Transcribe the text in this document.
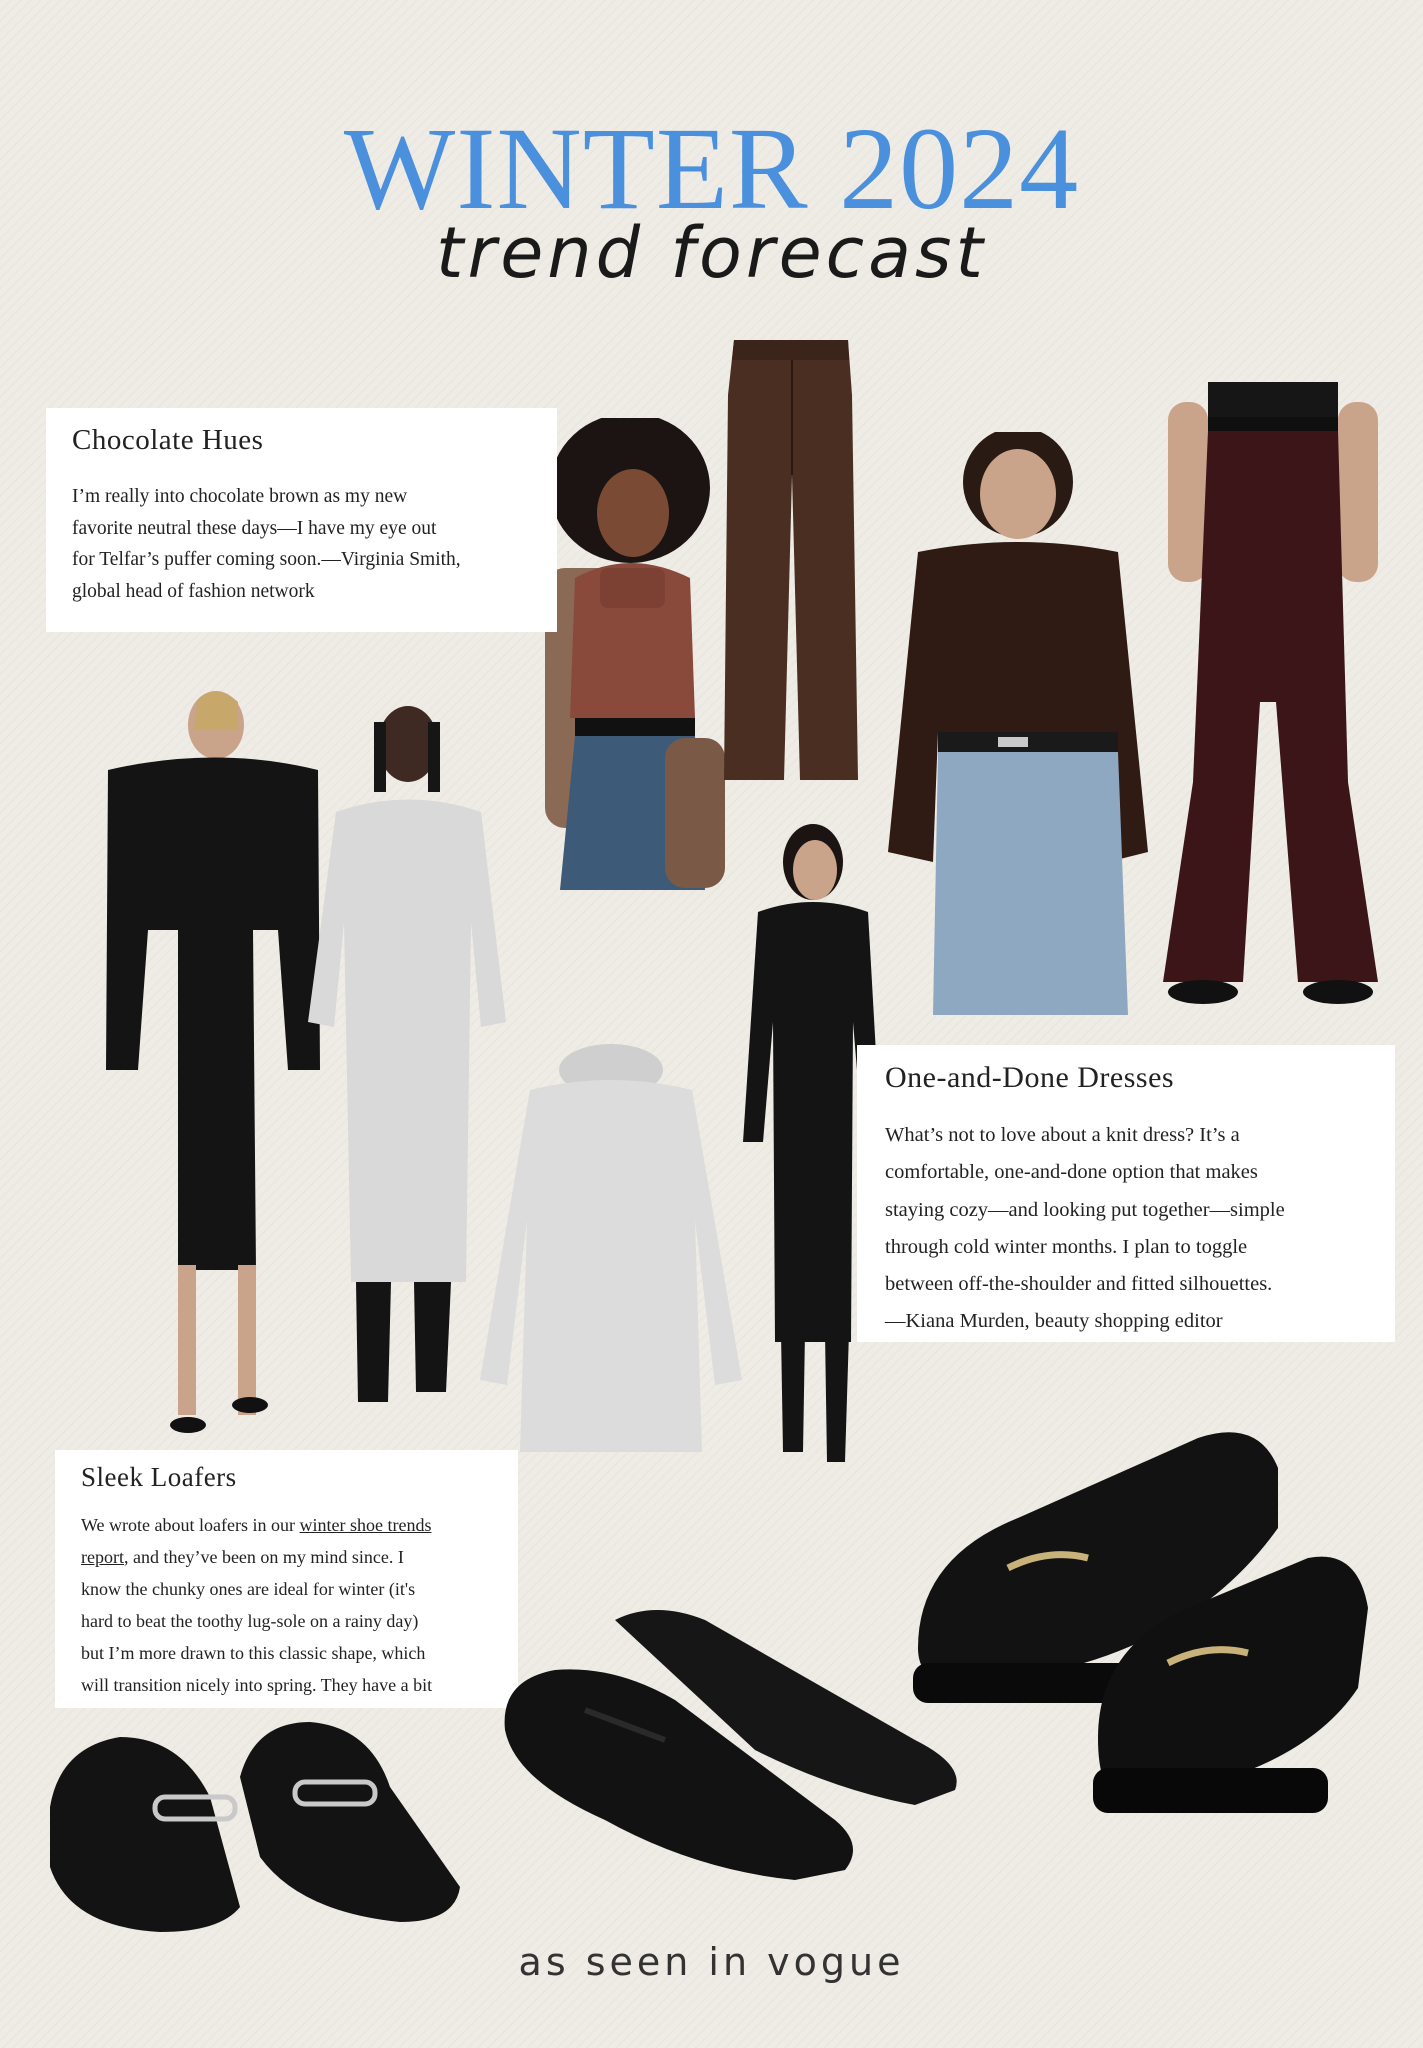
WINTER 2024
trend forecast

Chocolate Hues

I’m really into chocolate brown as my new
favorite neutral these days—I have my eye out
for Telfar’s puffer coming soon.—Virginia Smith,
global head of fashion network

One-and-Done Dresses

What’s not to love about a knit dress? It’s a
comfortable, one-and-done option that makes
staying cozy—and looking put together—simple
through cold winter months. I plan to toggle
between off-the-shoulder and fitted silhouettes.
—Kiana Murden, beauty shopping editor

Sleek Loafers

We wrote about loafers in our winter shoe trends
report, and they’ve been on my mind since. I
know the chunky ones are ideal for winter (it's
hard to beat the toothy lug-sole on a rainy day)
but I’m more drawn to this classic shape, which
will transition nicely into spring. They have a bit

as seen in vogue
